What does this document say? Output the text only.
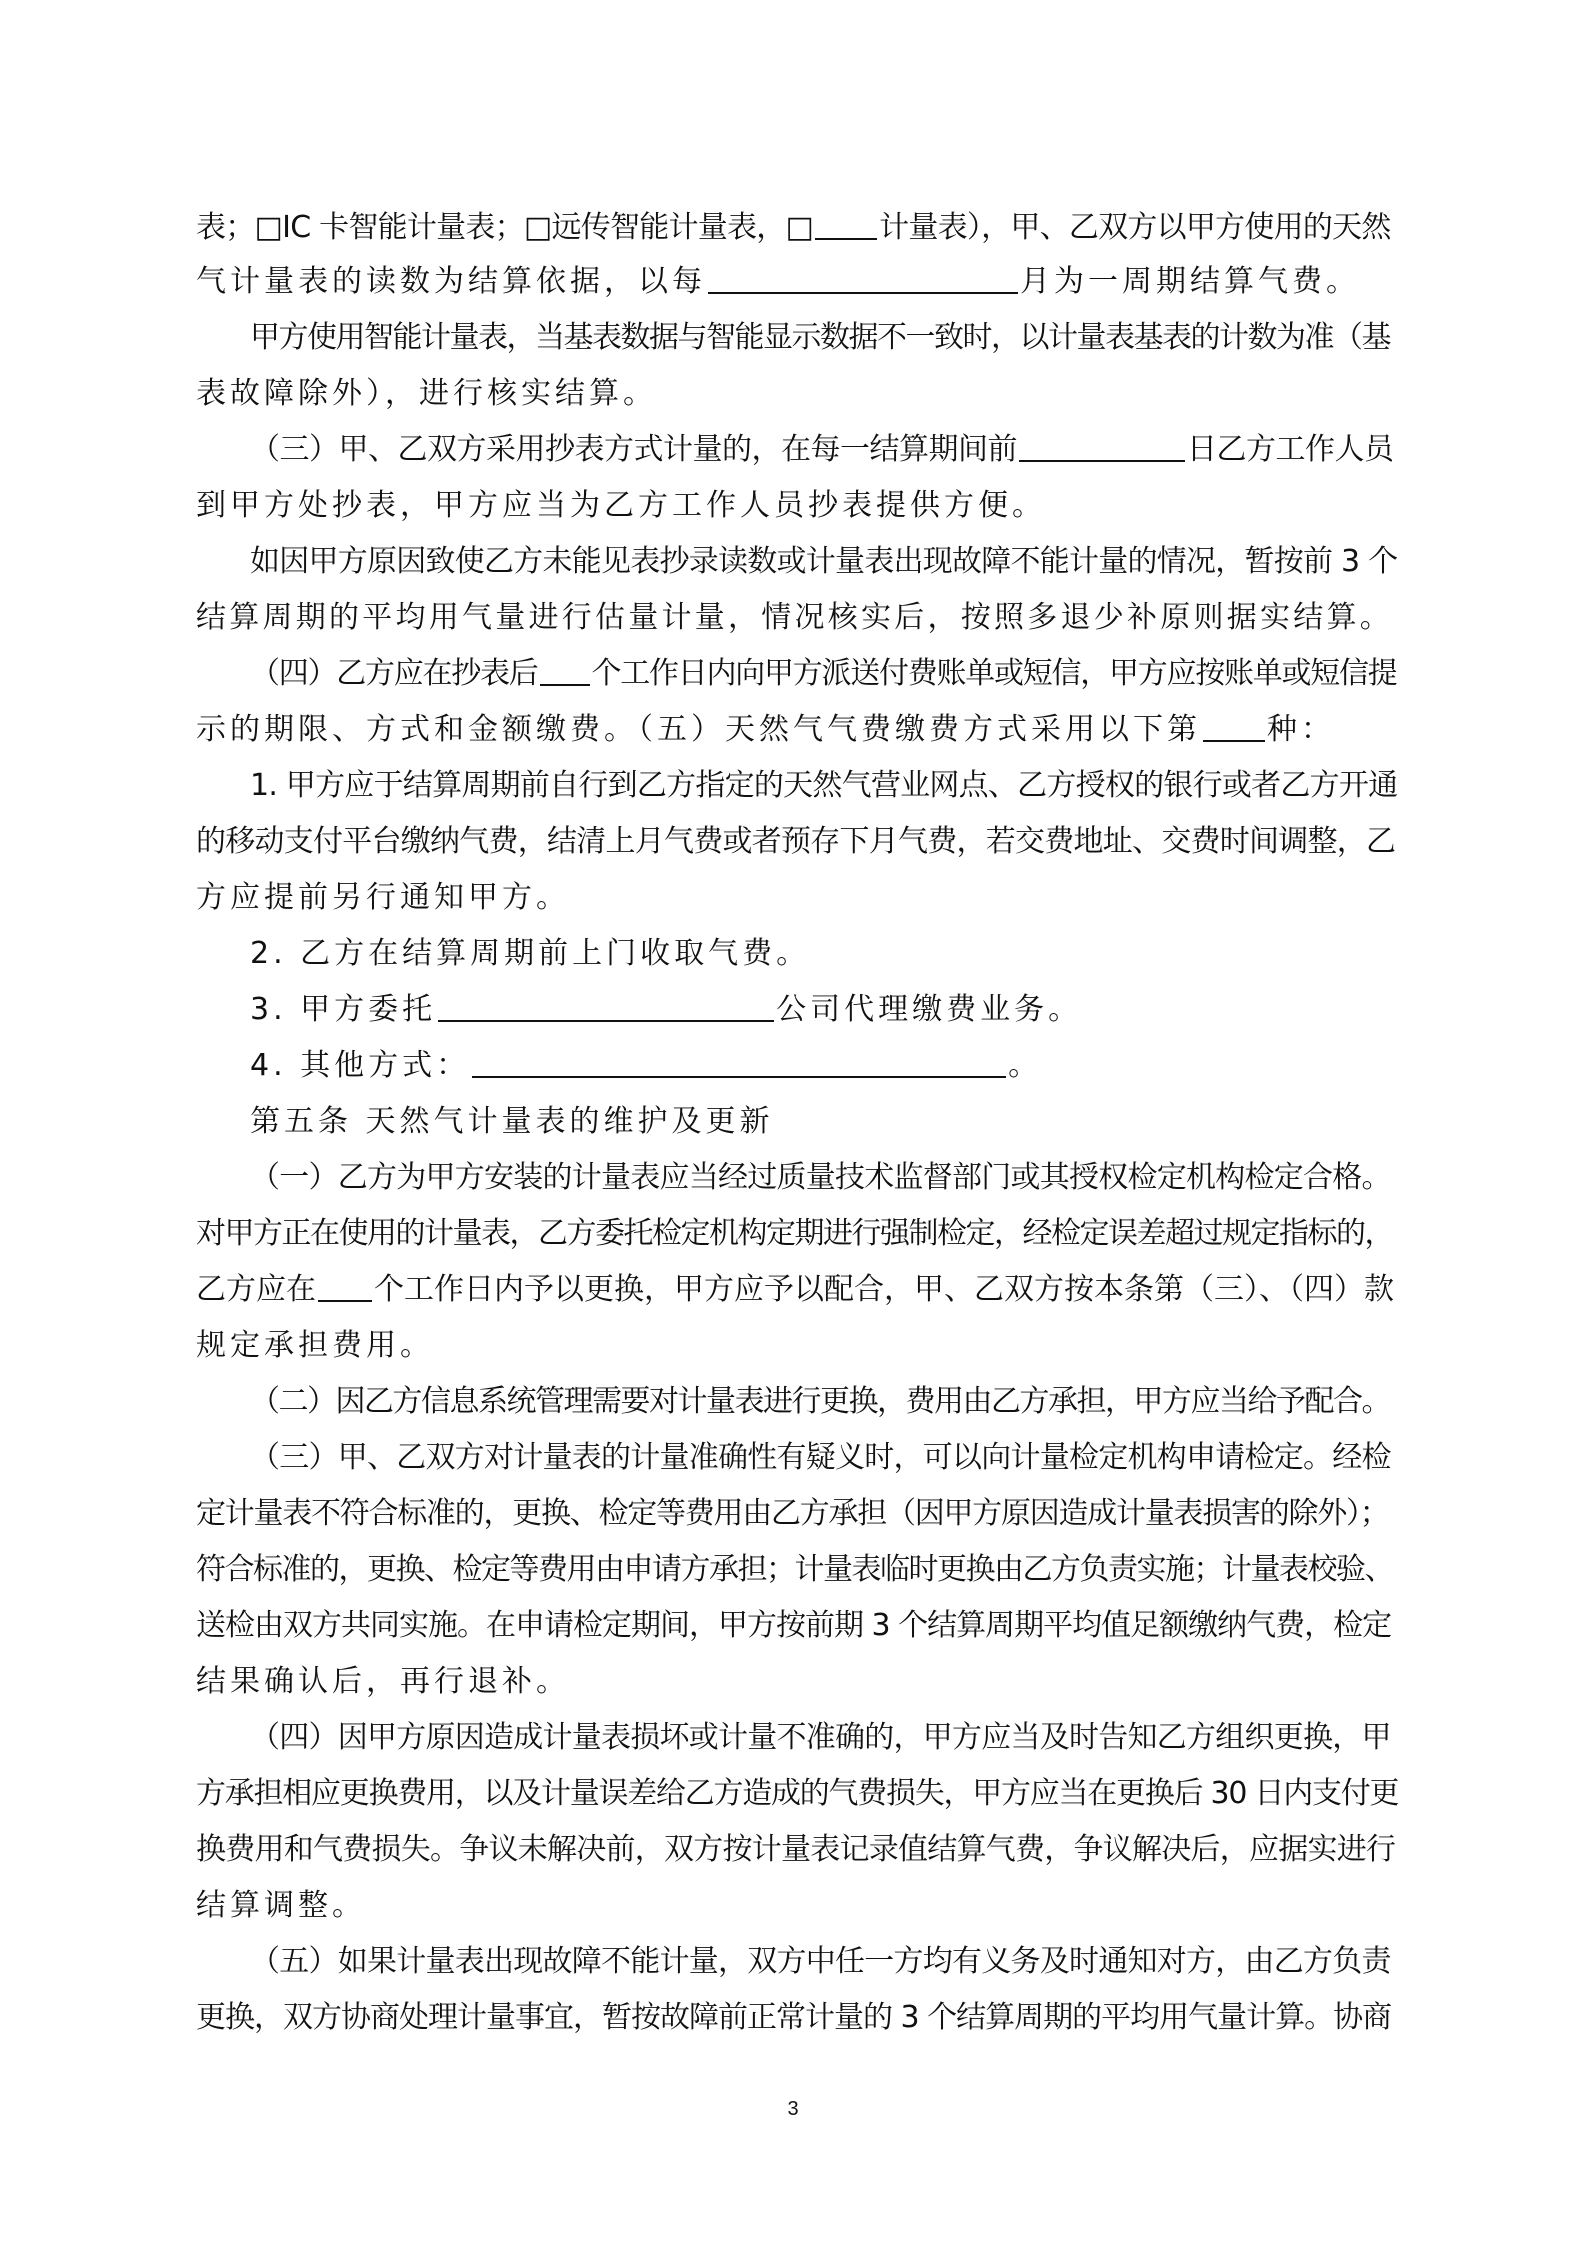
表；□IC 卡智能计量表；□远传智能计量表，□ 计量表），甲、乙双方以甲方使用的天然
气计量表的读数为结算依据，以每	月为一周期结算气费。
甲方使用智能计量表，当基表数据与智能显示数据不一致时，以计量表基表的计数为准（基
表故障除外），进行核实结算。
（三）甲、乙双方采用抄表方式计量的，在每一结算期间前	日乙方工作人员
到甲方处抄表，甲方应当为乙方工作人员抄表提供方便。
如因甲方原因致使乙方未能见表抄录读数或计量表出现故障不能计量的情况，暂按前 3 个
结算周期的平均用气量进行估量计量，情况核实后，按照多退少补原则据实结算。
（四）乙方应在抄表后 个工作日内向甲方派送付费账单或短信，甲方应按账单或短信提
示的期限、方式和金额缴费。（五）天然气气费缴费方式采用以下第 种：
1. 甲方应于结算周期前自行到乙方指定的天然气营业网点、乙方授权的银行或者乙方开通
的移动支付平台缴纳气费，结清上月气费或者预存下月气费，若交费地址、交费时间调整，乙
方应提前另行通知甲方。
2. 乙方在结算周期前上门收取气费。
3. 甲方委托	公司代理缴费业务。
4. 其他方式：	。
第五条 天然气计量表的维护及更新
（一）乙方为甲方安装的计量表应当经过质量技术监督部门或其授权检定机构检定合格。
对甲方正在使用的计量表，乙方委托检定机构定期进行强制检定，经检定误差超过规定指标的，
乙方应在 个工作日内予以更换，甲方应予以配合，甲、乙双方按本条第（三）、（四）款
规定承担费用。
（二）因乙方信息系统管理需要对计量表进行更换，费用由乙方承担，甲方应当给予配合。
（三）甲、乙双方对计量表的计量准确性有疑义时，可以向计量检定机构申请检定。经检
定计量表不符合标准的，更换、检定等费用由乙方承担（因甲方原因造成计量表损害的除外）；
符合标准的，更换、检定等费用由申请方承担；计量表临时更换由乙方负责实施；计量表校验、
送检由双方共同实施。在申请检定期间，甲方按前期 3 个结算周期平均值足额缴纳气费，检定
结果确认后，再行退补。
（四）因甲方原因造成计量表损坏或计量不准确的，甲方应当及时告知乙方组织更换，甲
方承担相应更换费用，以及计量误差给乙方造成的气费损失，甲方应当在更换后 30 日内支付更
换费用和气费损失。争议未解决前，双方按计量表记录值结算气费，争议解决后，应据实进行
结算调整。
（五）如果计量表出现故障不能计量，双方中任一方均有义务及时通知对方，由乙方负责
更换，双方协商处理计量事宜，暂按故障前正常计量的 3 个结算周期的平均用气量计算。协商
3
